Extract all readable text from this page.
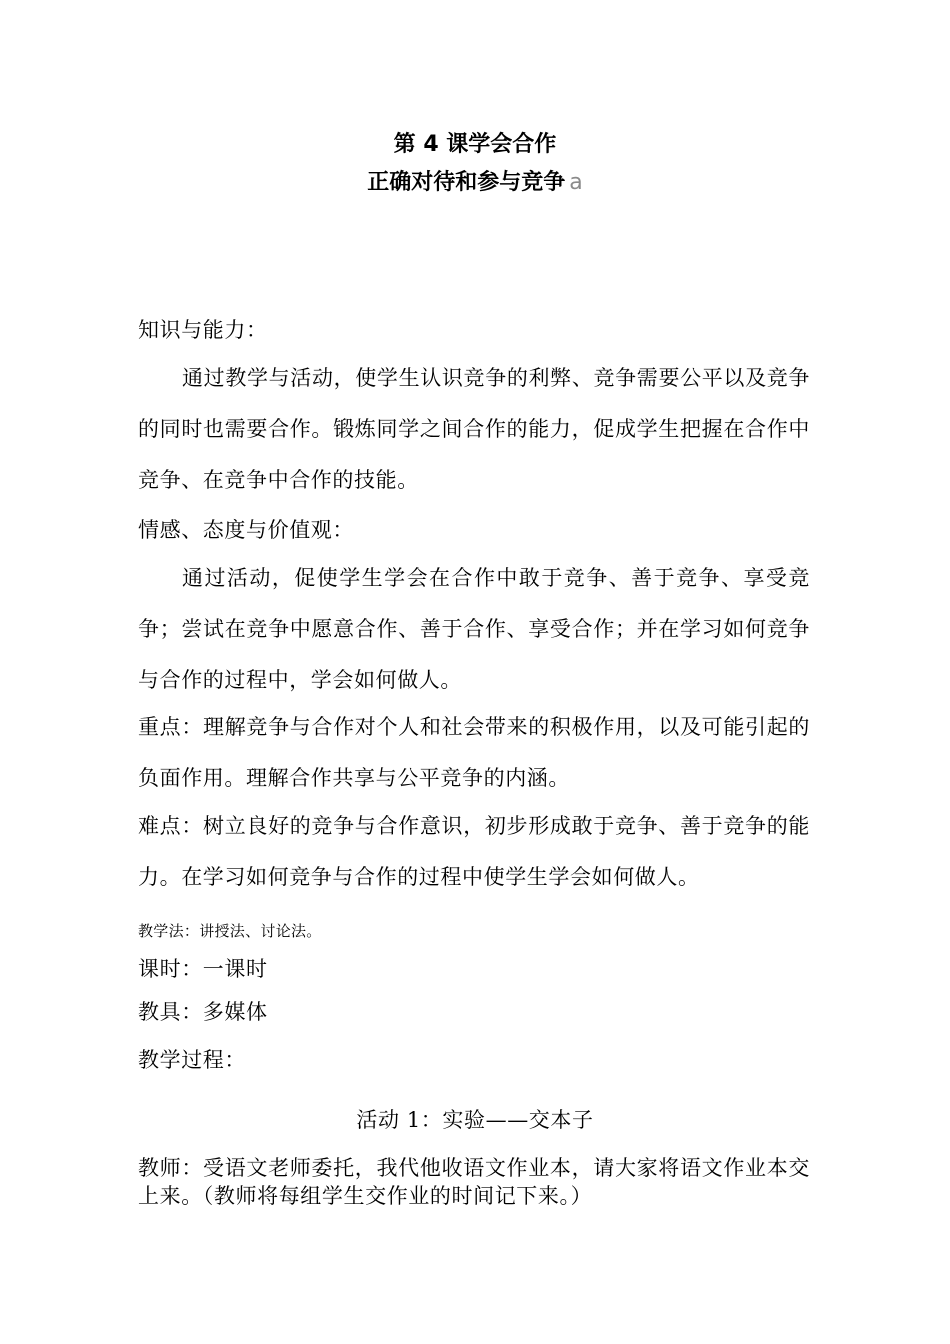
第 4 课学会合作
正确对待和参与竞争 a
知识与能力：
通过教学与活动，使学生认识竞争的利弊、竞争需要公平以及竞争的同时也需要合作。锻炼同学之间合作的能力，促成学生把握在合作中竞争、在竞争中合作的技能。
情感、态度与价值观：
通过活动，促使学生学会在合作中敢于竞争、善于竞争、享受竞争；尝试在竞争中愿意合作、善于合作、享受合作；并在学习如何竞争与合作的过程中，学会如何做人。
重点：理解竞争与合作对个人和社会带来的积极作用，以及可能引起的负面作用。理解合作共享与公平竞争的内涵。
难点：树立良好的竞争与合作意识，初步形成敢于竞争、善于竞争的能力。在学习如何竞争与合作的过程中使学生学会如何做人。
教学法：讲授法、讨论法。
课时：一课时
教具：多媒体
教学过程：
活动 1：实验——交本子
教师：受语文老师委托，我代他收语文作业本，请大家将语文作业本交上来。（教师将每组学生交作业的时间记下来。）
